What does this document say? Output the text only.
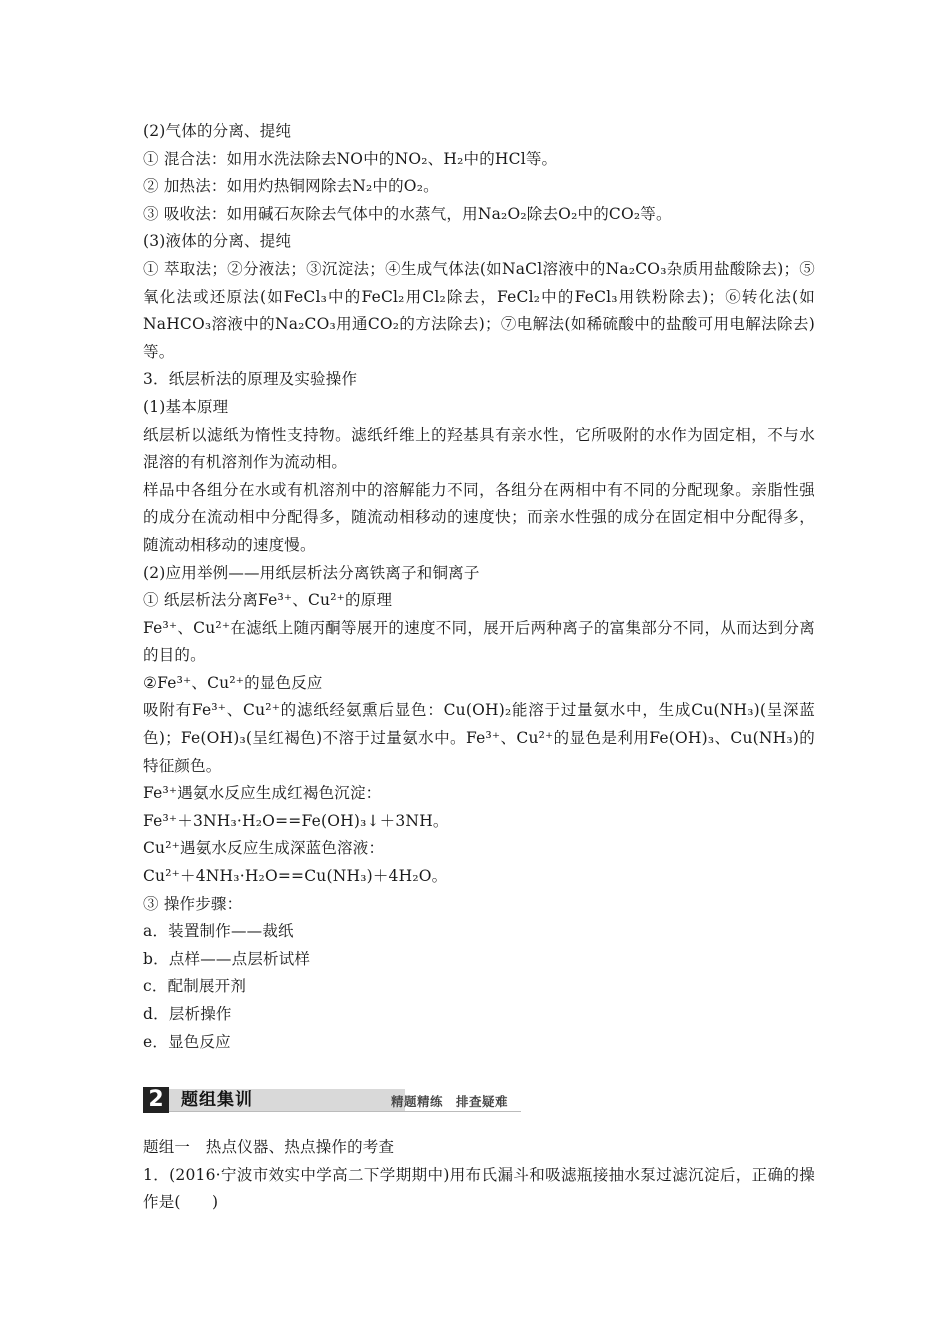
(2)气体的分离、提纯
① 混合法：如用水洗法除去NO中的NO₂、H₂中的HCl等。
② 加热法：如用灼热铜网除去N₂中的O₂。
③ 吸收法：如用碱石灰除去气体中的水蒸气，用Na₂O₂除去O₂中的CO₂等。
(3)液体的分离、提纯
① 萃取法；②分液法；③沉淀法；④生成气体法(如NaCl溶液中的Na₂CO₃杂质用盐酸除去)；⑤氧化法或还原法(如FeCl₃中的FeCl₂用Cl₂除去，FeCl₂中的FeCl₃用铁粉除去)；⑥转化法(如NaHCO₃溶液中的Na₂CO₃用通CO₂的方法除去)；⑦电解法(如稀硫酸中的盐酸可用电解法除去)等。
3．纸层析法的原理及实验操作
(1)基本原理
纸层析以滤纸为惰性支持物。滤纸纤维上的羟基具有亲水性，它所吸附的水作为固定相，不与水混溶的有机溶剂作为流动相。
样品中各组分在水或有机溶剂中的溶解能力不同，各组分在两相中有不同的分配现象。亲脂性强的成分在流动相中分配得多，随流动相移动的速度快；而亲水性强的成分在固定相中分配得多，随流动相移动的速度慢。
(2)应用举例——用纸层析法分离铁离子和铜离子
① 纸层析法分离Fe³⁺、Cu²⁺的原理
Fe³⁺、Cu²⁺在滤纸上随丙酮等展开的速度不同，展开后两种离子的富集部分不同，从而达到分离的目的。
②Fe³⁺、Cu²⁺的显色反应
吸附有Fe³⁺、Cu²⁺的滤纸经氨熏后显色：Cu(OH)₂能溶于过量氨水中，生成Cu(NH₃)(呈深蓝色)；Fe(OH)₃(呈红褐色)不溶于过量氨水中。Fe³⁺、Cu²⁺的显色是利用Fe(OH)₃、Cu(NH₃)的特征颜色。
Fe³⁺遇氨水反应生成红褐色沉淀：
Fe³⁺＋3NH₃·H₂O==Fe(OH)₃↓＋3NH。
Cu²⁺遇氨水反应生成深蓝色溶液：
Cu²⁺＋4NH₃·H₂O==Cu(NH₃)＋4H₂O。
③ 操作步骤：
a．装置制作——裁纸
b．点样——点层析试样
c．配制展开剂
d．层析操作
e．显色反应
2	题组集训	精题精练　排查疑难
题组一　热点仪器、热点操作的考查
1．(2016·宁波市效实中学高二下学期期中)用布氏漏斗和吸滤瓶接抽水泵过滤沉淀后，正确的操作是(　　)
